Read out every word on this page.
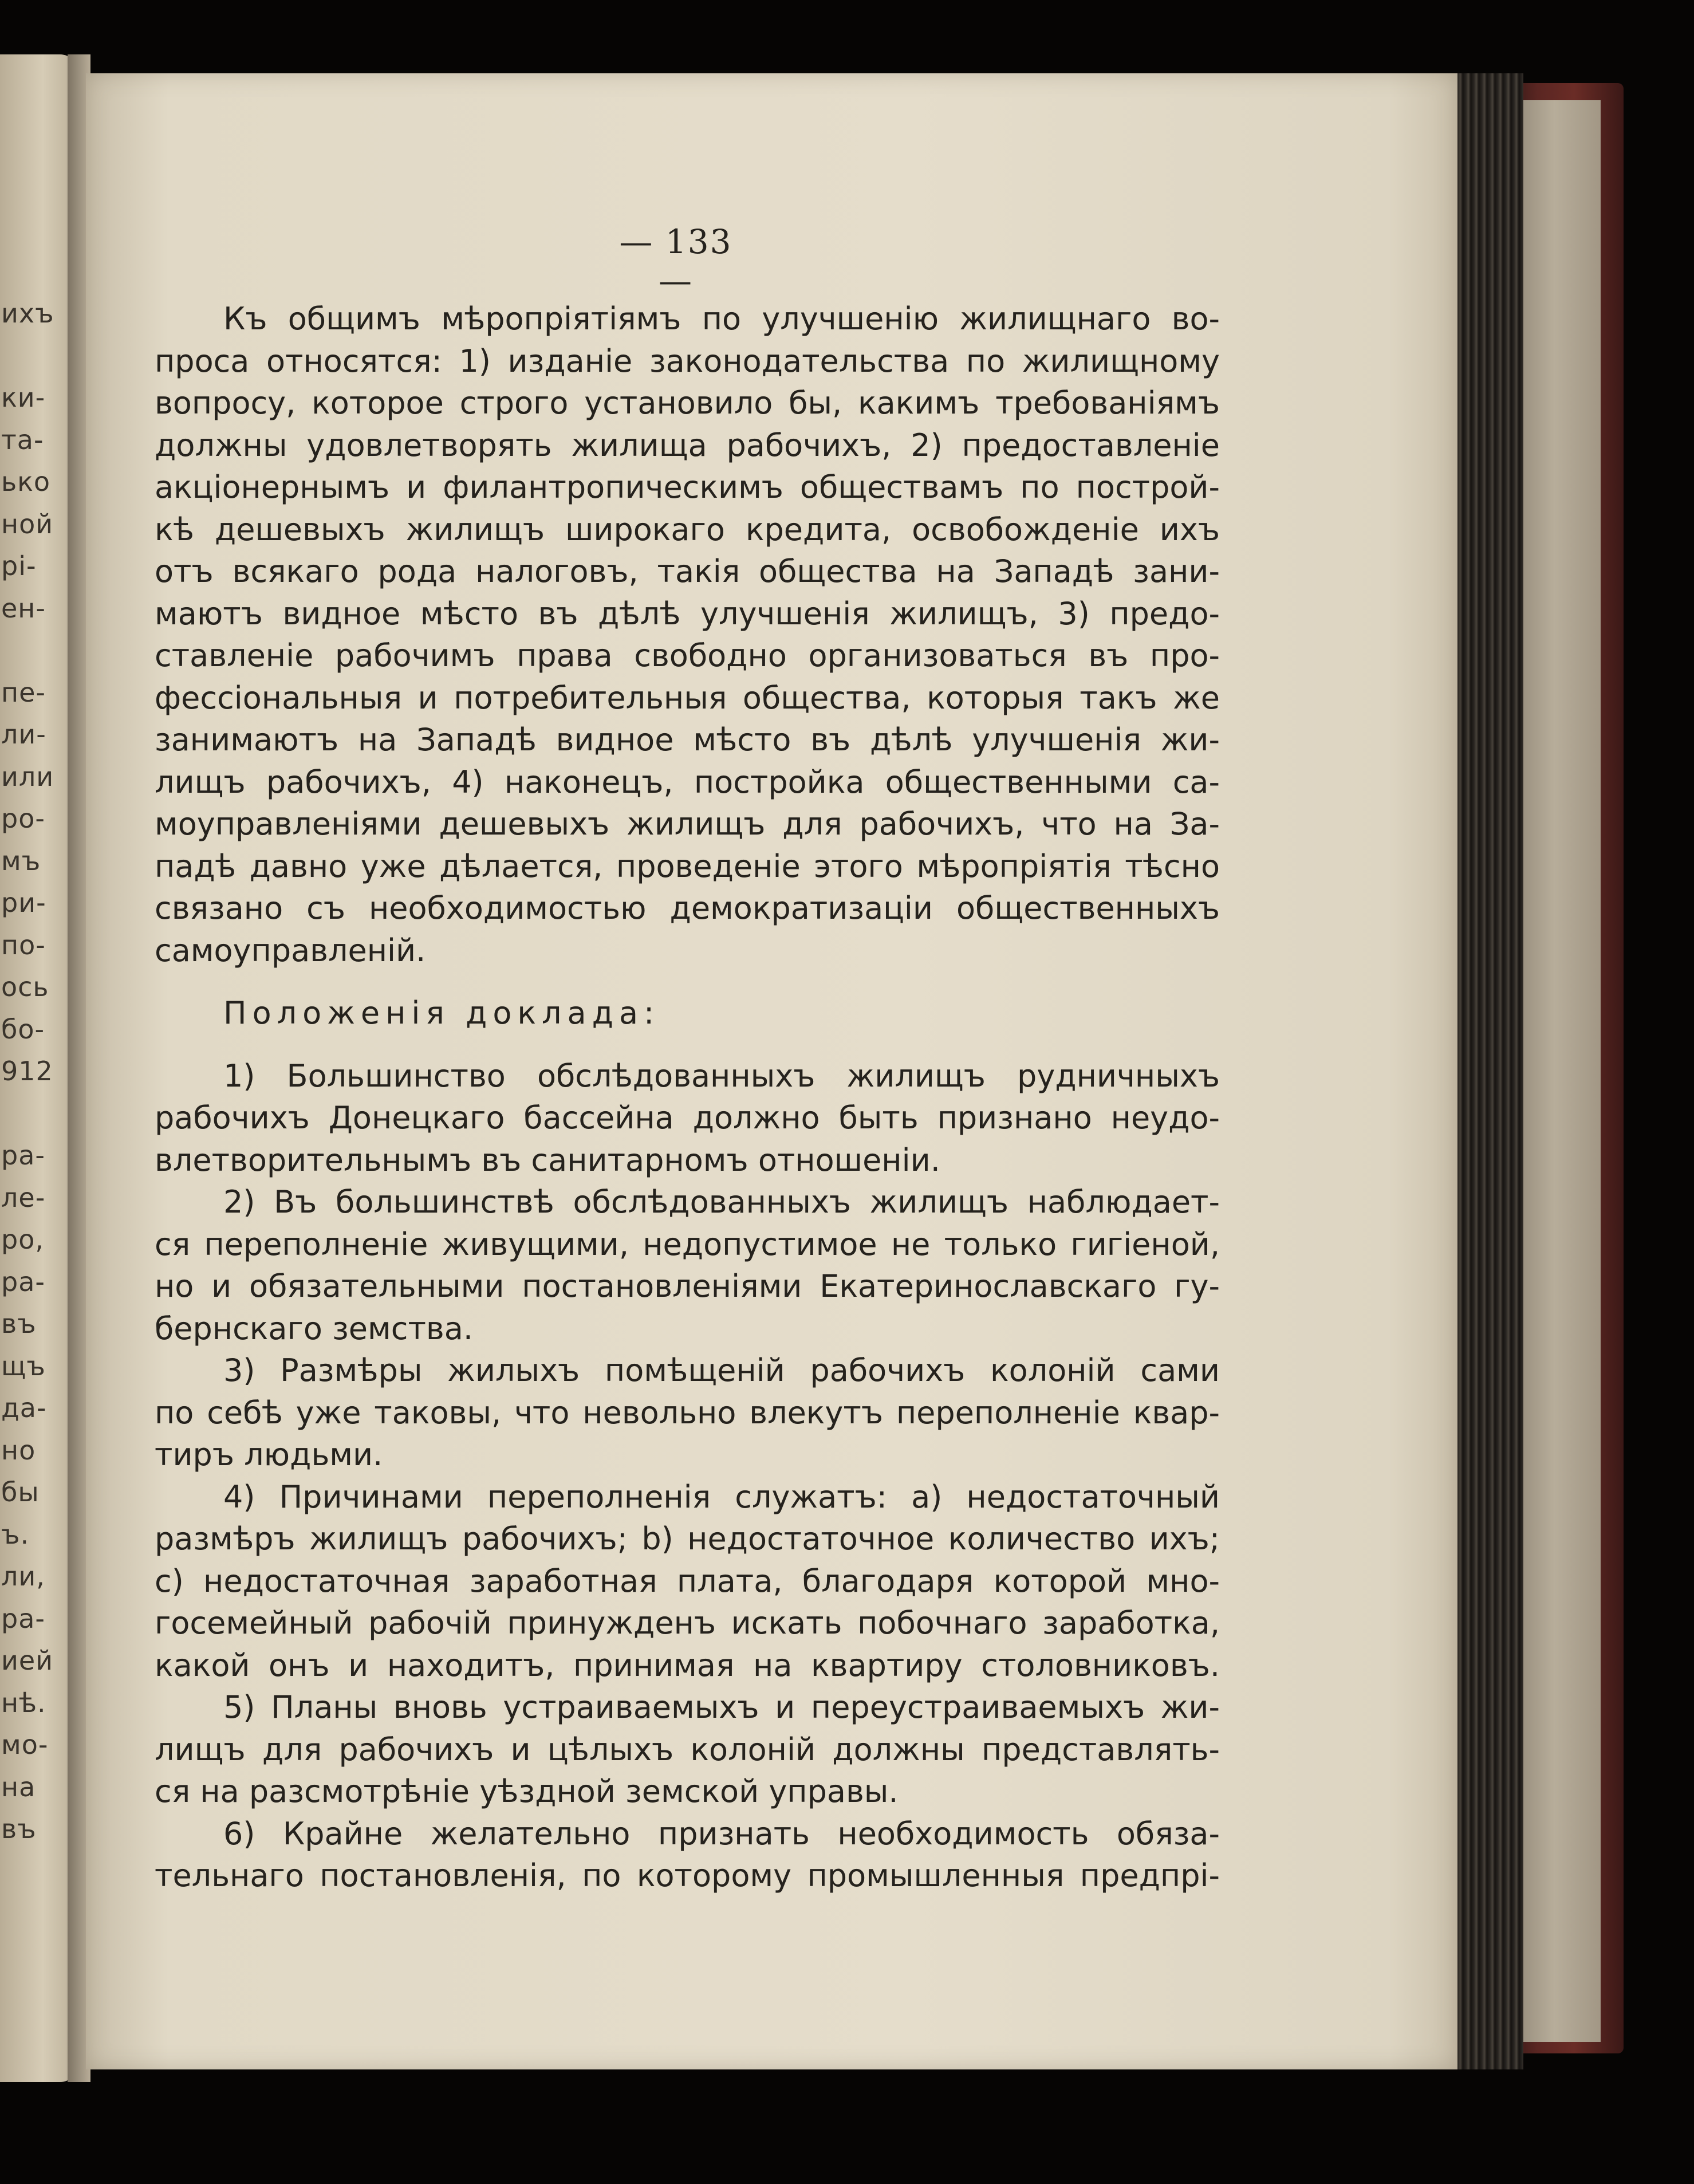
ихъ
ки-
та-
ько
ной
рі-
ен-
пе-
ли-
или
ро-
мъ
ри-
по-
ось
бо-
912
ра-
ле-
ро,
ра-
въ
щъ
да-
но
бы
ъ.
ли,
ра-
ией
нѣ.
мо-
на
въ
— 133 —
Къ общимъ мѣропріятіямъ по улучшенію жилищнаго во-
проса относятся: 1) изданіе законодательства по жилищному
вопросу, которое строго установило бы, какимъ требованіямъ
должны удовлетворять жилища рабочихъ, 2) предоставленіе
акціонернымъ и филантропическимъ обществамъ по построй-
кѣ дешевыхъ жилищъ широкаго кредита, освобожденіе ихъ
отъ всякаго рода налоговъ, такія общества на Западѣ зани-
маютъ видное мѣсто въ дѣлѣ улучшенія жилищъ, 3) предо-
ставленіе рабочимъ права свободно организоваться въ про-
фессіональныя и потребительныя общества, которыя такъ же
занимаютъ на Западѣ видное мѣсто въ дѣлѣ улучшенія жи-
лищъ рабочихъ, 4) наконецъ, постройка общественными са-
моуправленіями дешевыхъ жилищъ для рабочихъ, что на За-
падѣ давно уже дѣлается, проведеніе этого мѣропріятія тѣсно
связано съ необходимостью демократизаціи общественныхъ
самоуправленій.
Положенія доклада:
1) Большинство обслѣдованныхъ жилищъ рудничныхъ
рабочихъ Донецкаго бассейна должно быть признано неудо-
влетворительнымъ въ санитарномъ отношеніи.
2) Въ большинствѣ обслѣдованныхъ жилищъ наблюдает-
ся переполненіе живущими, недопустимое не только гигіеной,
но и обязательными постановленіями Екатеринославскаго гу-
бернскаго земства.
3) Размѣры жилыхъ помѣщеній рабочихъ колоній сами
по себѣ уже таковы, что невольно влекутъ переполненіе квар-
тиръ людьми.
4) Причинами переполненія служатъ: а) недостаточный
размѣръ жилищъ рабочихъ; b) недостаточное количество ихъ;
с) недостаточная заработная плата, благодаря которой мно-
госемейный рабочій принужденъ искать побочнаго заработка,
какой онъ и находитъ, принимая на квартиру столовниковъ.
5) Планы вновь устраиваемыхъ и переустраиваемыхъ жи-
лищъ для рабочихъ и цѣлыхъ колоній должны представлять-
ся на разсмотрѣніе уѣздной земской управы.
6) Крайне желательно признать необходимость обяза-
тельнаго постановленія, по которому промышленныя предпрі-
